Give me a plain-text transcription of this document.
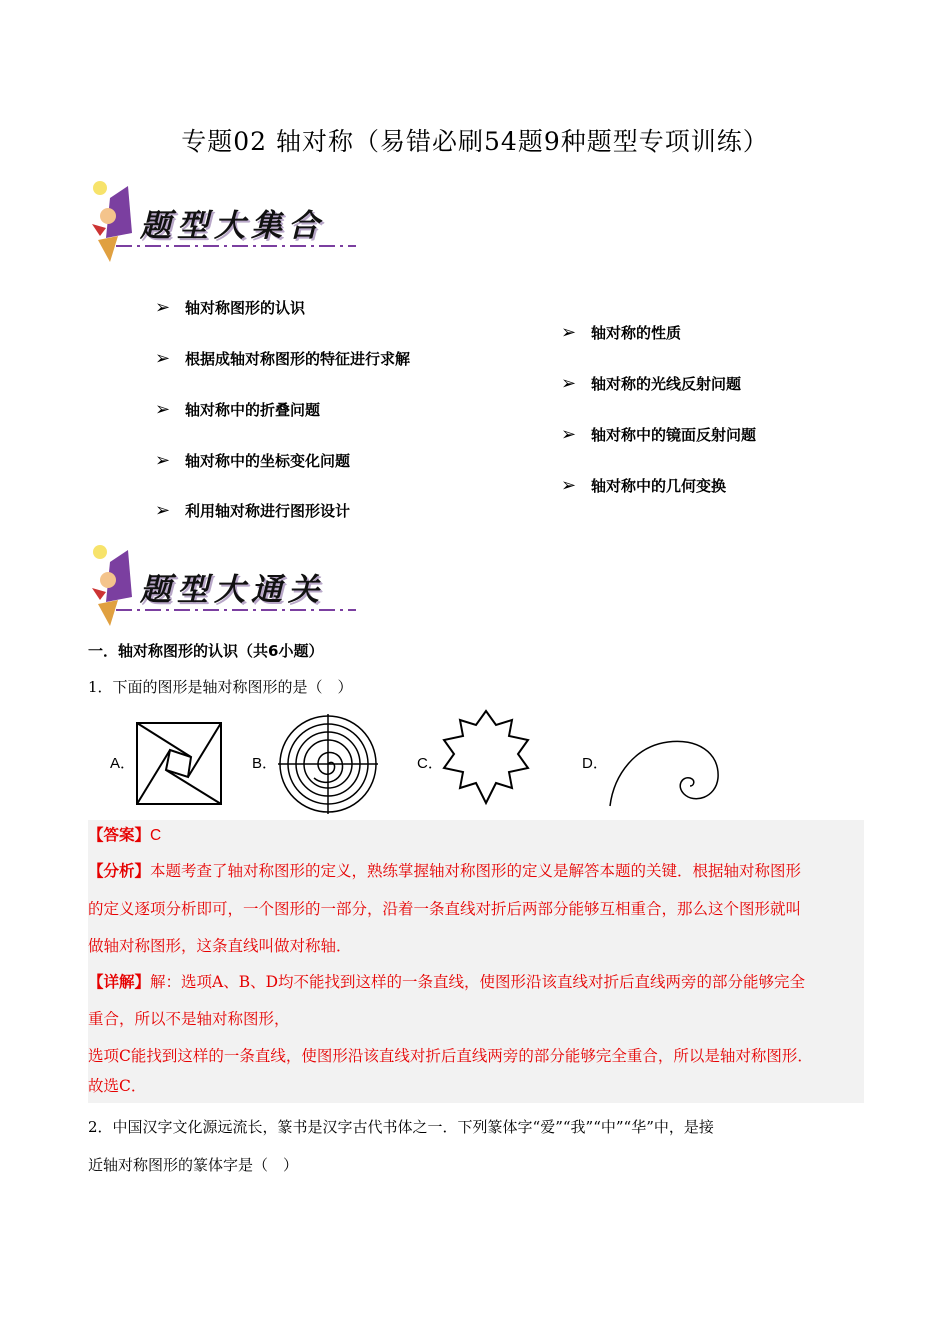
专题02 轴对称（易错必刷54题9种题型专项训练）
题型大集合
➢ 轴对称图形的认识
➢ 根据成轴对称图形的特征进行求解
➢ 轴对称中的折叠问题
➢ 轴对称中的坐标变化问题
➢ 利用轴对称进行图形设计
➢ 轴对称的性质
➢ 轴对称的光线反射问题
➢ 轴对称中的镜面反射问题
➢ 轴对称中的几何变换
题型大通关
一．轴对称图形的认识（共6小题）
1．下面的图形是轴对称图形的是（　）
A．	B．	C．	D．
【答案】C
【分析】本题考查了轴对称图形的定义，熟练掌握轴对称图形的定义是解答本题的关键．根据轴对称图形
的定义逐项分析即可，一个图形的一部分，沿着一条直线对折后两部分能够互相重合，那么这个图形就叫
做轴对称图形，这条直线叫做对称轴．
【详解】解：选项A、B、D均不能找到这样的一条直线，使图形沿该直线对折后直线两旁的部分能够完全
重合，所以不是轴对称图形，
选项C能找到这样的一条直线，使图形沿该直线对折后直线两旁的部分能够完全重合，所以是轴对称图形．
故选C．
2．中国汉字文化源远流长，篆书是汉字古代书体之一．下列篆体字“爱”“我”“中”“华”中，是接
近轴对称图形的篆体字是（　）
